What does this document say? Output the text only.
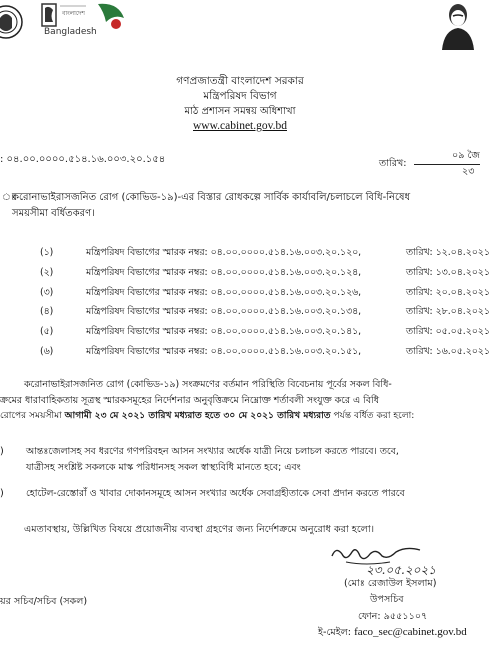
বাংলাদেশ
Bangladesh
গণপ্রজাতন্ত্রী বাংলাদেশ সরকার
মন্ত্রিপরিষদ বিভাগ
মাঠ প্রশাসন সমন্বয় অধিশাখা
www.cabinet.gov.bd
: ০৪.০০.০০০০.৫১৪.১৬.০০৩.২০.১৫৪	তারিখ:
০৯ জৈ
২৩
ঃ
করোনাভাইরাসজনিত রোগ (কোভিড-১৯)-এর বিস্তার রোধকল্পে সার্বিক কার্যাবলি/চলাচলে বিধি-নিষেধ
সময়সীমা বর্ধিতকরণ।
(১)	মন্ত্রিপরিষদ বিভাগের স্মারক নম্বর: ০৪.০০.০০০০.৫১৪.১৬.০০৩.২০.১২০,	তারিখ: ১২.০৪.২০২১
(২)	মন্ত্রিপরিষদ বিভাগের স্মারক নম্বর: ০৪.০০.০০০০.৫১৪.১৬.০০৩.২০.১২৪,	তারিখ: ১৩.০৪.২০২১
(৩)	মন্ত্রিপরিষদ বিভাগের স্মারক নম্বর: ০৪.০০.০০০০.৫১৪.১৬.০০৩.২০.১২৬,	তারিখ: ২০.০৪.২০২১
(৪)	মন্ত্রিপরিষদ বিভাগের স্মারক নম্বর: ০৪.০০.০০০০.৫১৪.১৬.০০৩.২০.১৩৪,	তারিখ: ২৮.০৪.২০২১
(৫)	মন্ত্রিপরিষদ বিভাগের স্মারক নম্বর: ০৪.০০.০০০০.৫১৪.১৬.০০৩.২০.১৪১,	তারিখ: ০৫.০৫.২০২১
(৬)	মন্ত্রিপরিষদ বিভাগের স্মারক নম্বর: ০৪.০০.০০০০.৫১৪.১৬.০০৩.২০.১৫১,	তারিখ: ১৬.০৫.২০২১
করোনাভাইরাসজনিত রোগ (কোভিড-১৯) সংক্রমণের বর্তমান পরিস্থিতি বিবেচনায় পূর্বের সকল বিধি-
ক্রমের ধারাবাহিকতায় সূত্রস্থ স্মারকসমূহের নির্দেশনার অনুবৃত্তিক্রমে নিম্নোক্ত শর্তাবলী সংযুক্ত করে এ বিধি
রোপের সময়সীমা আগামী ২৩ মে ২০২১ তারিখ মধ্যরাত হতে ৩০ মে ২০২১ তারিখ মধ্যরাত পর্যন্ত বর্ধিত করা হলো:
) আন্তঃজেলাসহ সব ধরণের গণপরিবহন আসন সংখ্যার অর্ধেক যাত্রী নিয়ে চলাচল করতে পারবে। তবে,
যাত্রীসহ সংশ্লিষ্ট সকলকে মাস্ক পরিধানসহ সকল স্বাস্থ্যবিধি মানতে হবে; এবং
) হোটেল-রেস্তোরাঁ ও খাবার দোকানসমূহে আসন সংখ্যার অর্ধেক সেবাগ্রহীতাকে সেবা প্রদান করতে পারবে
এমতাবস্থায়, উল্লিখিত বিষয়ে প্রয়োজনীয় ব্যবস্থা গ্রহণের জন্য নির্দেশক্রমে অনুরোধ করা হলো।
২৩.০৫.২০২১
(মোঃ রেজাউল ইসলাম)
উপসচিব
ফোন: ৯৫৫১১০৭
ই-মেইল: faco_sec@cabinet.gov.bd
য়র সচিব/সচিব (সকল)
